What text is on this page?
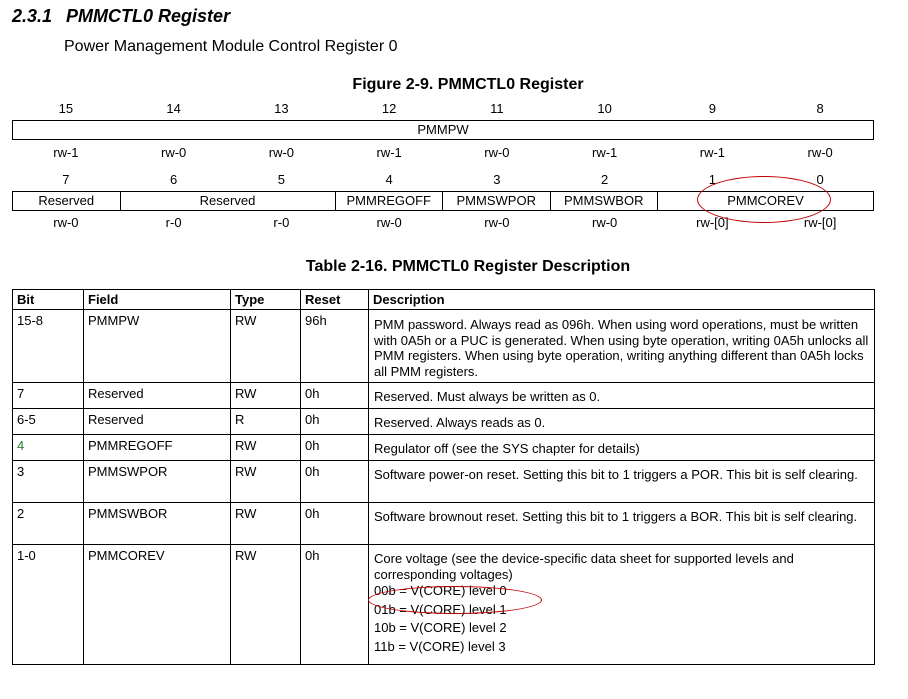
2.3.1 PMMCTL0 Register
Power Management Module Control Register 0
Figure 2-9. PMMCTL0 Register
15	14	13	12	11	10	9	8
PMMPW
rw-1	rw-0	rw-0	rw-1	rw-0	rw-1	rw-1	rw-0
7	6	5	4	3	2	1	0
Reserved	Reserved	PMMREGOFF	PMMSWPOR	PMMSWBOR	PMMCOREV
rw-0	r-0	r-0	rw-0	rw-0	rw-0	rw-[0]	rw-[0]
Table 2-16. PMMCTL0 Register Description
Bit	Field	Type	Reset	Description
15-8	PMMPW	RW	96h	PMM password. Always read as 096h. When using word operations, must be written with 0A5h or a PUC is generated. When using byte operation, writing 0A5h unlocks all PMM registers. When using byte operation, writing anything different than 0A5h locks all PMM registers.
7	Reserved	RW	0h	Reserved. Must always be written as 0.
6-5	Reserved	R	0h	Reserved. Always reads as 0.
4	PMMREGOFF	RW	0h	Regulator off (see the SYS chapter for details)
3	PMMSWPOR	RW	0h	Software power-on reset. Setting this bit to 1 triggers a POR. This bit is self clearing.
2	PMMSWBOR	RW	0h	Software brownout reset. Setting this bit to 1 triggers a BOR. This bit is self clearing.
1-0	PMMCOREV	RW	0h	Core voltage (see the device-specific data sheet for supported levels and corresponding voltages)
00b = V(CORE) level 0
01b = V(CORE) level 1
10b = V(CORE) level 2
11b = V(CORE) level 3
